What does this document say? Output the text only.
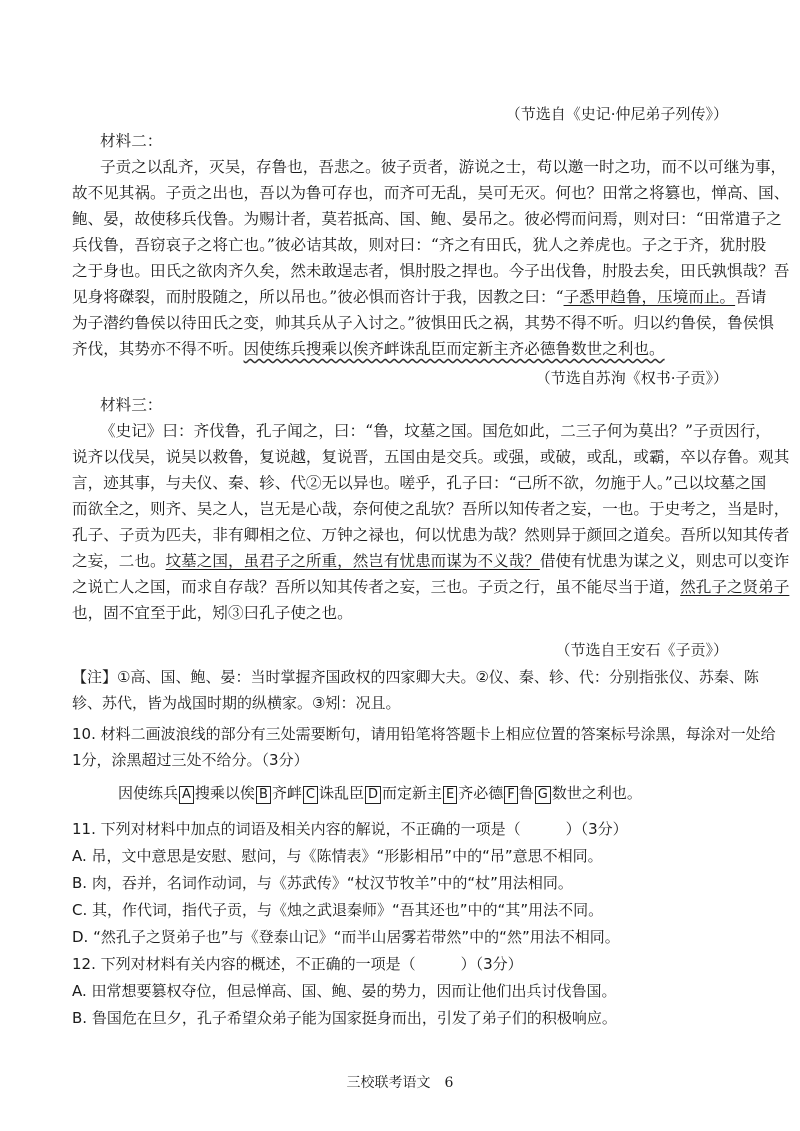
（节选自《史记·仲尼弟子列传》）
材料二：
子贡之以乱齐，灭吴，存鲁也，吾悲之。彼子贡者，游说之士，苟以邀一时之功，而不以可继为事，
故不见其祸。子贡之出也，吾以为鲁可存也，而齐可无乱，吴可无灭。何也？田常之将篡也，惮高、国、
鲍、晏，故使移兵伐鲁。为赐计者，莫若抵高、国、鲍、晏吊之。彼必愕而问焉，则对曰：“田常遣子之
兵伐鲁，吾窃哀子之将亡也。”彼必诘其故，则对曰：“齐之有田氏，犹人之养虎也。子之于齐，犹肘股
之于身也。田氏之欲肉齐久矣，然未敢逞志者，惧肘股之捍也。今子出伐鲁，肘股去矣，田氏孰惧哉？吾
见身将磔裂，而肘股随之，所以吊也。”彼必惧而咨计于我，因教之曰：“子悉甲趋鲁，压境而止。吾请
为子潜约鲁侯以待田氏之变，帅其兵从子入讨之。”彼惧田氏之祸，其势不得不听。归以约鲁侯，鲁侯惧
齐伐，其势亦不得不听。因使练兵搜乘以俟齐衅诛乱臣而定新主齐必德鲁数世之利也。
（节选自苏洵《权书·子贡》）
材料三：
《史记》曰：齐伐鲁，孔子闻之，曰：“鲁，坟墓之国。国危如此，二三子何为莫出？”子贡因行，
说齐以伐吴，说吴以救鲁，复说越，复说晋，五国由是交兵。或强，或破，或乱，或霸，卒以存鲁。观其
言，迹其事，与夫仪、秦、轸、代②无以异也。嗟乎，孔子曰：“己所不欲，勿施于人。”己以坟墓之国
而欲全之，则齐、吴之人，岂无是心哉，奈何使之乱欤？吾所以知传者之妄，一也。于史考之，当是时，
孔子、子贡为匹夫，非有卿相之位、万钟之禄也，何以忧患为哉？然则异于颜回之道矣。吾所以知其传者
之妄，二也。坟墓之国，虽君子之所重，然岂有忧患而谋为不义哉？借使有忧患为谋之义，则忠可以变诈
之说亡人之国，而求自存哉？吾所以知其传者之妄，三也。子贡之行，虽不能尽当于道，然孔子之贤弟子
也，固不宜至于此，矧③曰孔子使之也。
（节选自王安石《子贡》）
【注】①高、国、鲍、晏：当时掌握齐国政权的四家卿大夫。②仪、秦、轸、代：分别指张仪、苏秦、陈
轸、苏代，皆为战国时期的纵横家。③矧：况且。
10. 材料二画波浪线的部分有三处需要断句，请用铅笔将答题卡上相应位置的答案标号涂黑，每涂对一处给
1分，涂黑超过三处不给分。（3分）
因使练兵 A 搜乘以俟 B 齐衅 C 诛乱臣 D 而定新主 E 齐必德 F 鲁 G 数世之利也。
11. 下列对材料中加点的词语及相关内容的解说，不正确的一项是（　　　）（3分）
A. 吊，文中意思是安慰、慰问，与《陈情表》“形影相吊”中的“吊”意思不相同。
B. 肉，吞并，名词作动词，与《苏武传》“杖汉节牧羊”中的“杖”用法相同。
C. 其，作代词，指代子贡，与《烛之武退秦师》“吾其还也”中的“其”用法不同。
D. “然孔子之贤弟子也”与《登泰山记》“而半山居雾若带然”中的“然”用法不相同。
12. 下列对材料有关内容的概述，不正确的一项是（　　　）（3分）
A. 田常想要篡权夺位，但忌惮高、国、鲍、晏的势力，因而让他们出兵讨伐鲁国。
B. 鲁国危在旦夕，孔子希望众弟子能为国家挺身而出，引发了弟子们的积极响应。
三校联考语文　6
